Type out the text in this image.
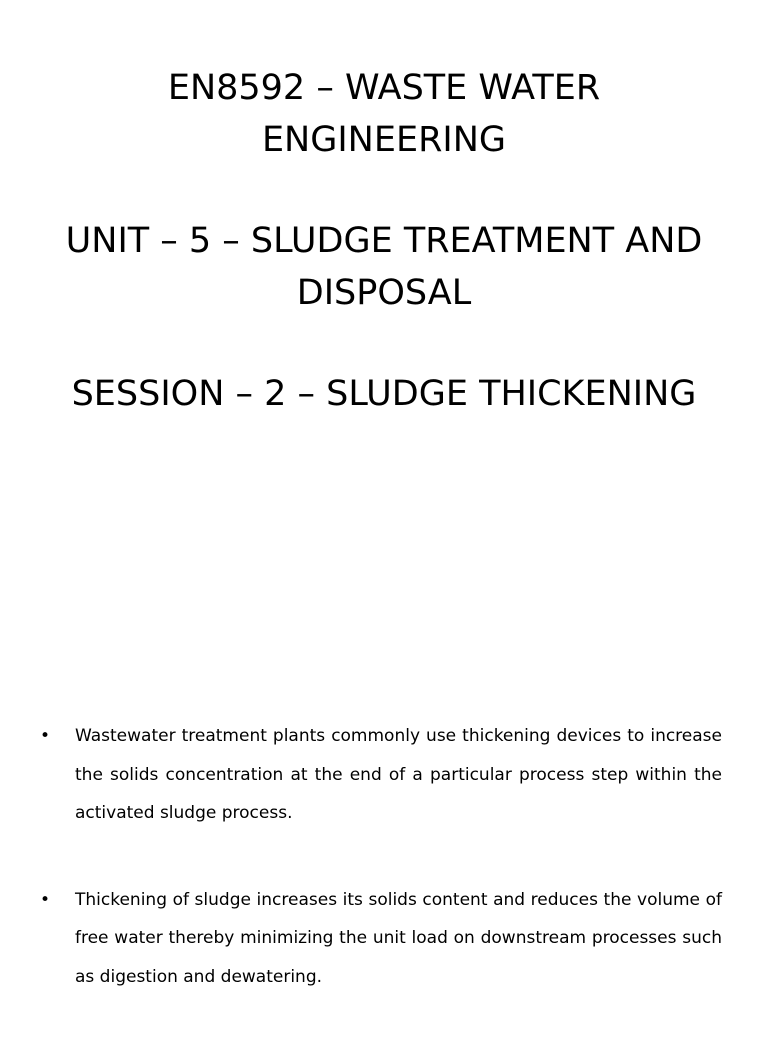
EN8592 – WASTE WATER
ENGINEERING
UNIT – 5 – SLUDGE TREATMENT AND
DISPOSAL
SESSION – 2 – SLUDGE THICKENING
• Wastewater treatment plants commonly use thickening devices to increase the solids concentration at the end of a particular process step within the activated sludge process.
• Thickening of sludge increases its solids content and reduces the volume of free water thereby minimizing the unit load on downstream processes such as digestion and dewatering.
